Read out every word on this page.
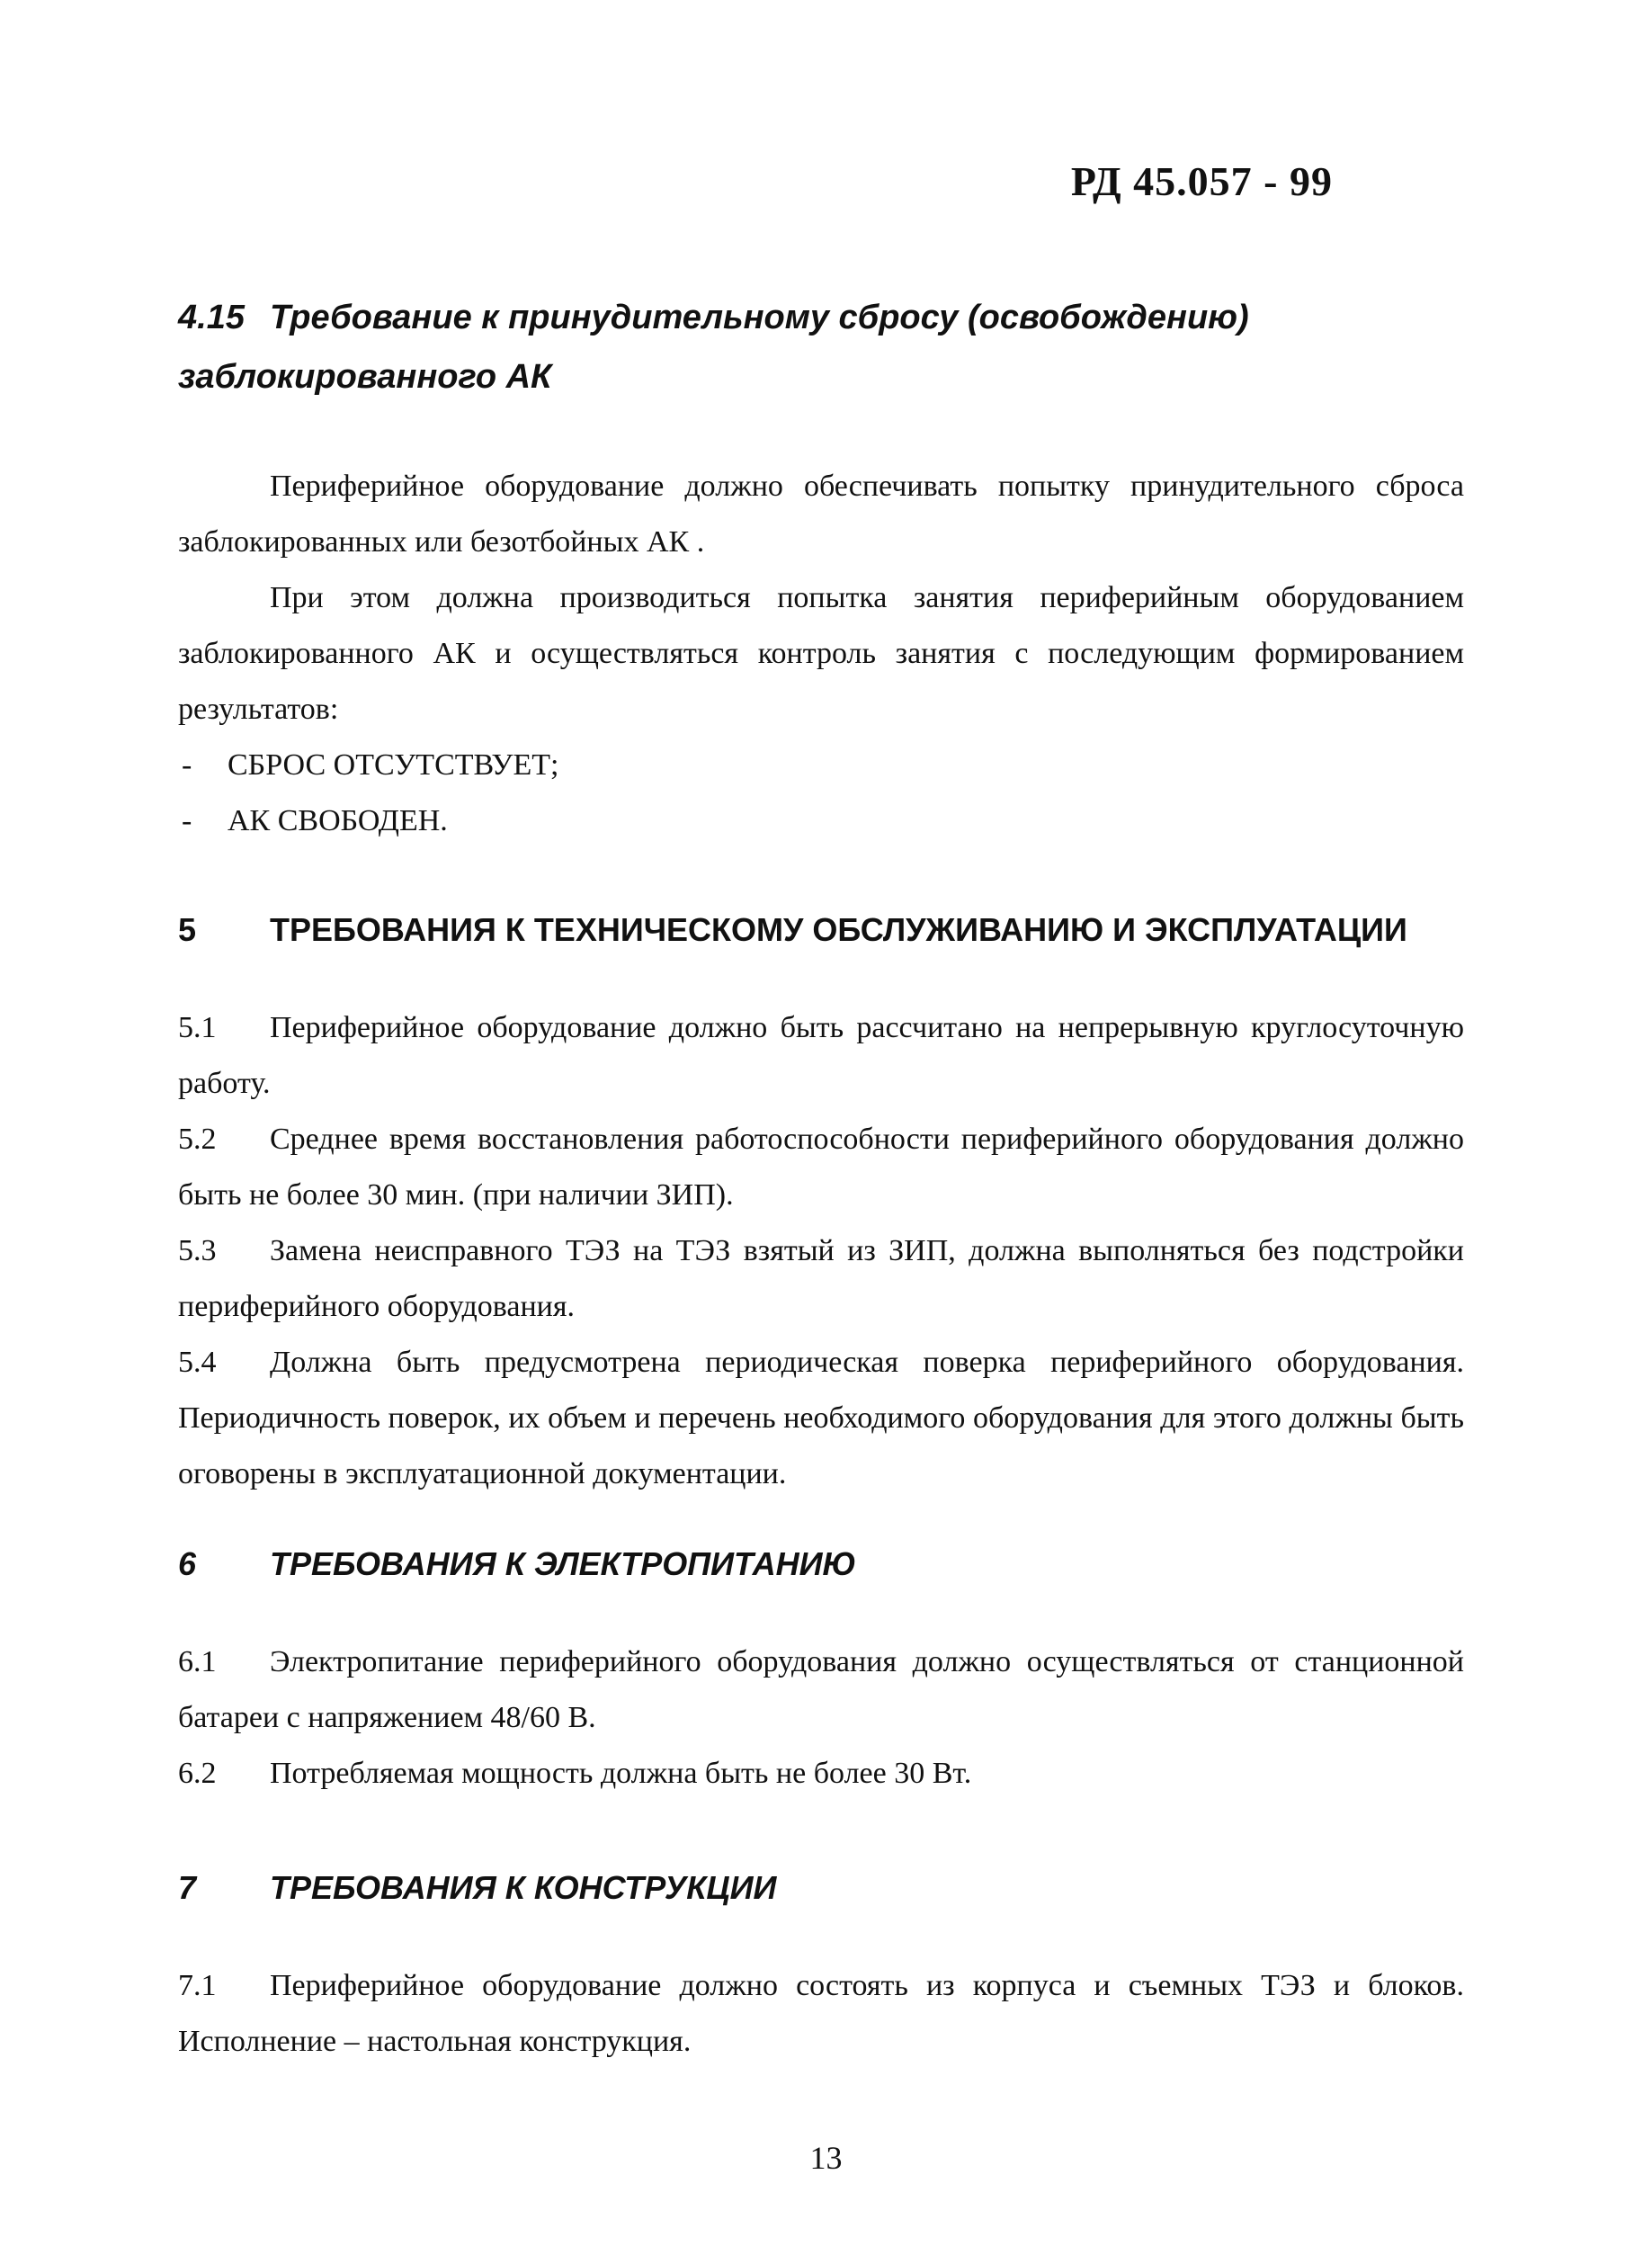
РД 45.057 - 99
4.15 Требование к принудительному сбросу (освобождению)
заблокированного АК

Периферийное оборудование должно обеспечивать попытку принудительного сброса заблокированных или безотбойных АК .

При этом должна производиться попытка занятия периферийным оборудованием заблокированного АК и осуществляться контроль занятия с последующим формированием результатов:

- СБРОС ОТСУТСТВУЕТ;
- АК СВОБОДЕН.
5 ТРЕБОВАНИЯ К ТЕХНИЧЕСКОМУ ОБСЛУЖИВАНИЮ И ЭКСПЛУАТАЦИИ

5.1 Периферийное оборудование должно быть рассчитано на непрерывную круглосуточную работу.

5.2 Среднее время восстановления работоспособности периферийного оборудования должно быть не более 30 мин. (при наличии ЗИП).

5.3 Замена неисправного ТЭЗ на ТЭЗ взятый из ЗИП, должна выполняться без подстройки периферийного оборудования.

5.4 Должна быть предусмотрена периодическая поверка периферийного оборудования. Периодичность поверок, их объем и перечень необходимого оборудования для этого должны быть оговорены в эксплуатационной документации.

6 ТРЕБОВАНИЯ К ЭЛЕКТРОПИТАНИЮ

6.1 Электропитание периферийного оборудования должно осуществляться от станционной батареи с напряжением 48/60 В.

6.2 Потребляемая мощность должна быть не более 30 Вт.

7 ТРЕБОВАНИЯ К КОНСТРУКЦИИ

7.1 Периферийное оборудование должно состоять из корпуса и съемных ТЭЗ и блоков. Исполнение – настольная конструкция.

13
